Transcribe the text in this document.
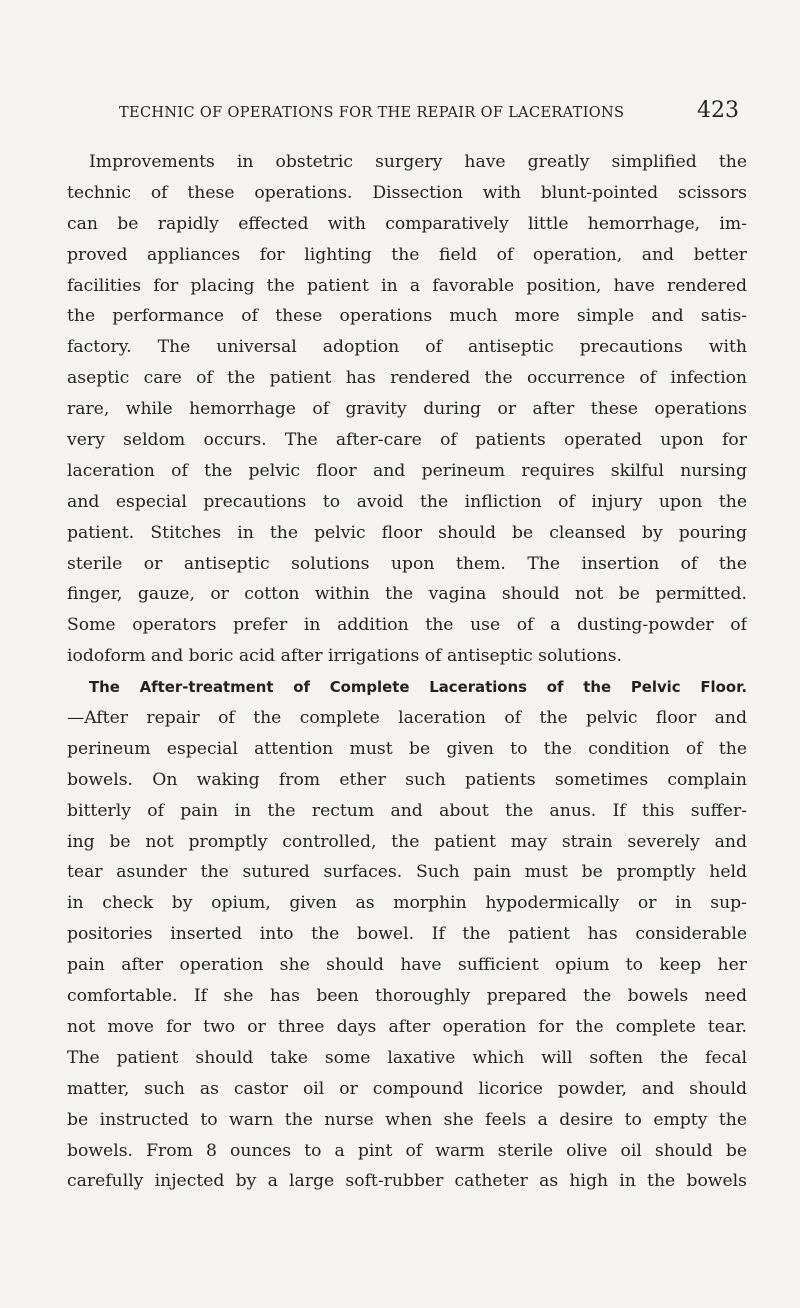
TECHNIC OF OPERATIONS FOR THE REPAIR OF LACERATIONS	423
Improvements in obstetric surgery have greatly simplified the
technic of these operations. Dissection with blunt-pointed scissors
can be rapidly effected with comparatively little hemorrhage, im-
proved appliances for lighting the field of operation, and better
facilities for placing the patient in a favorable position, have rendered
the performance of these operations much more simple and satis-
factory. The universal adoption of antiseptic precautions with
aseptic care of the patient has rendered the occurrence of infection
rare, while hemorrhage of gravity during or after these operations
very seldom occurs. The after-care of patients operated upon for
laceration of the pelvic floor and perineum requires skilful nursing
and especial precautions to avoid the infliction of injury upon the
patient. Stitches in the pelvic floor should be cleansed by pouring
sterile or antiseptic solutions upon them. The insertion of the
finger, gauze, or cotton within the vagina should not be permitted.
Some operators prefer in addition the use of a dusting-powder of
iodoform and boric acid after irrigations of antiseptic solutions.
The After-treatment of Complete Lacerations of the Pelvic Floor.
—After repair of the complete laceration of the pelvic floor and
perineum especial attention must be given to the condition of the
bowels. On waking from ether such patients sometimes complain
bitterly of pain in the rectum and about the anus. If this suffer-
ing be not promptly controlled, the patient may strain severely and
tear asunder the sutured surfaces. Such pain must be promptly held
in check by opium, given as morphin hypodermically or in sup-
positories inserted into the bowel. If the patient has considerable
pain after operation she should have sufficient opium to keep her
comfortable. If she has been thoroughly prepared the bowels need
not move for two or three days after operation for the complete tear.
The patient should take some laxative which will soften the fecal
matter, such as castor oil or compound licorice powder, and should
be instructed to warn the nurse when she feels a desire to empty the
bowels. From 8 ounces to a pint of warm sterile olive oil should be
carefully injected by a large soft-rubber catheter as high in the bowels
